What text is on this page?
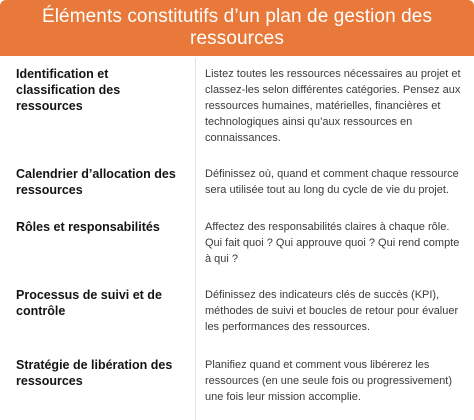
Éléments constitutifs d’un plan de gestion des ressources

Identification et classification des ressources

Listez toutes les ressources nécessaires au projet et classez-les selon différentes catégories. Pensez aux ressources humaines, matérielles, financières et technologiques ainsi qu’aux ressources en connaissances.

Calendrier d’allocation des ressources

Définissez où, quand et comment chaque ressource sera utilisée tout au long du cycle de vie du projet.

Rôles et responsabilités	Affectez des responsabilités claires à chaque rôle. Qui fait quoi ? Qui approuve quoi ? Qui rend compte à qui ?

Processus de suivi et de contrôle

Définissez des indicateurs clés de succès (KPI), méthodes de suivi et boucles de retour pour évaluer les performances des ressources.

Stratégie de libération des ressources

Planifiez quand et comment vous libérerez les ressources (en une seule fois ou progressivement) une fois leur mission accomplie.
